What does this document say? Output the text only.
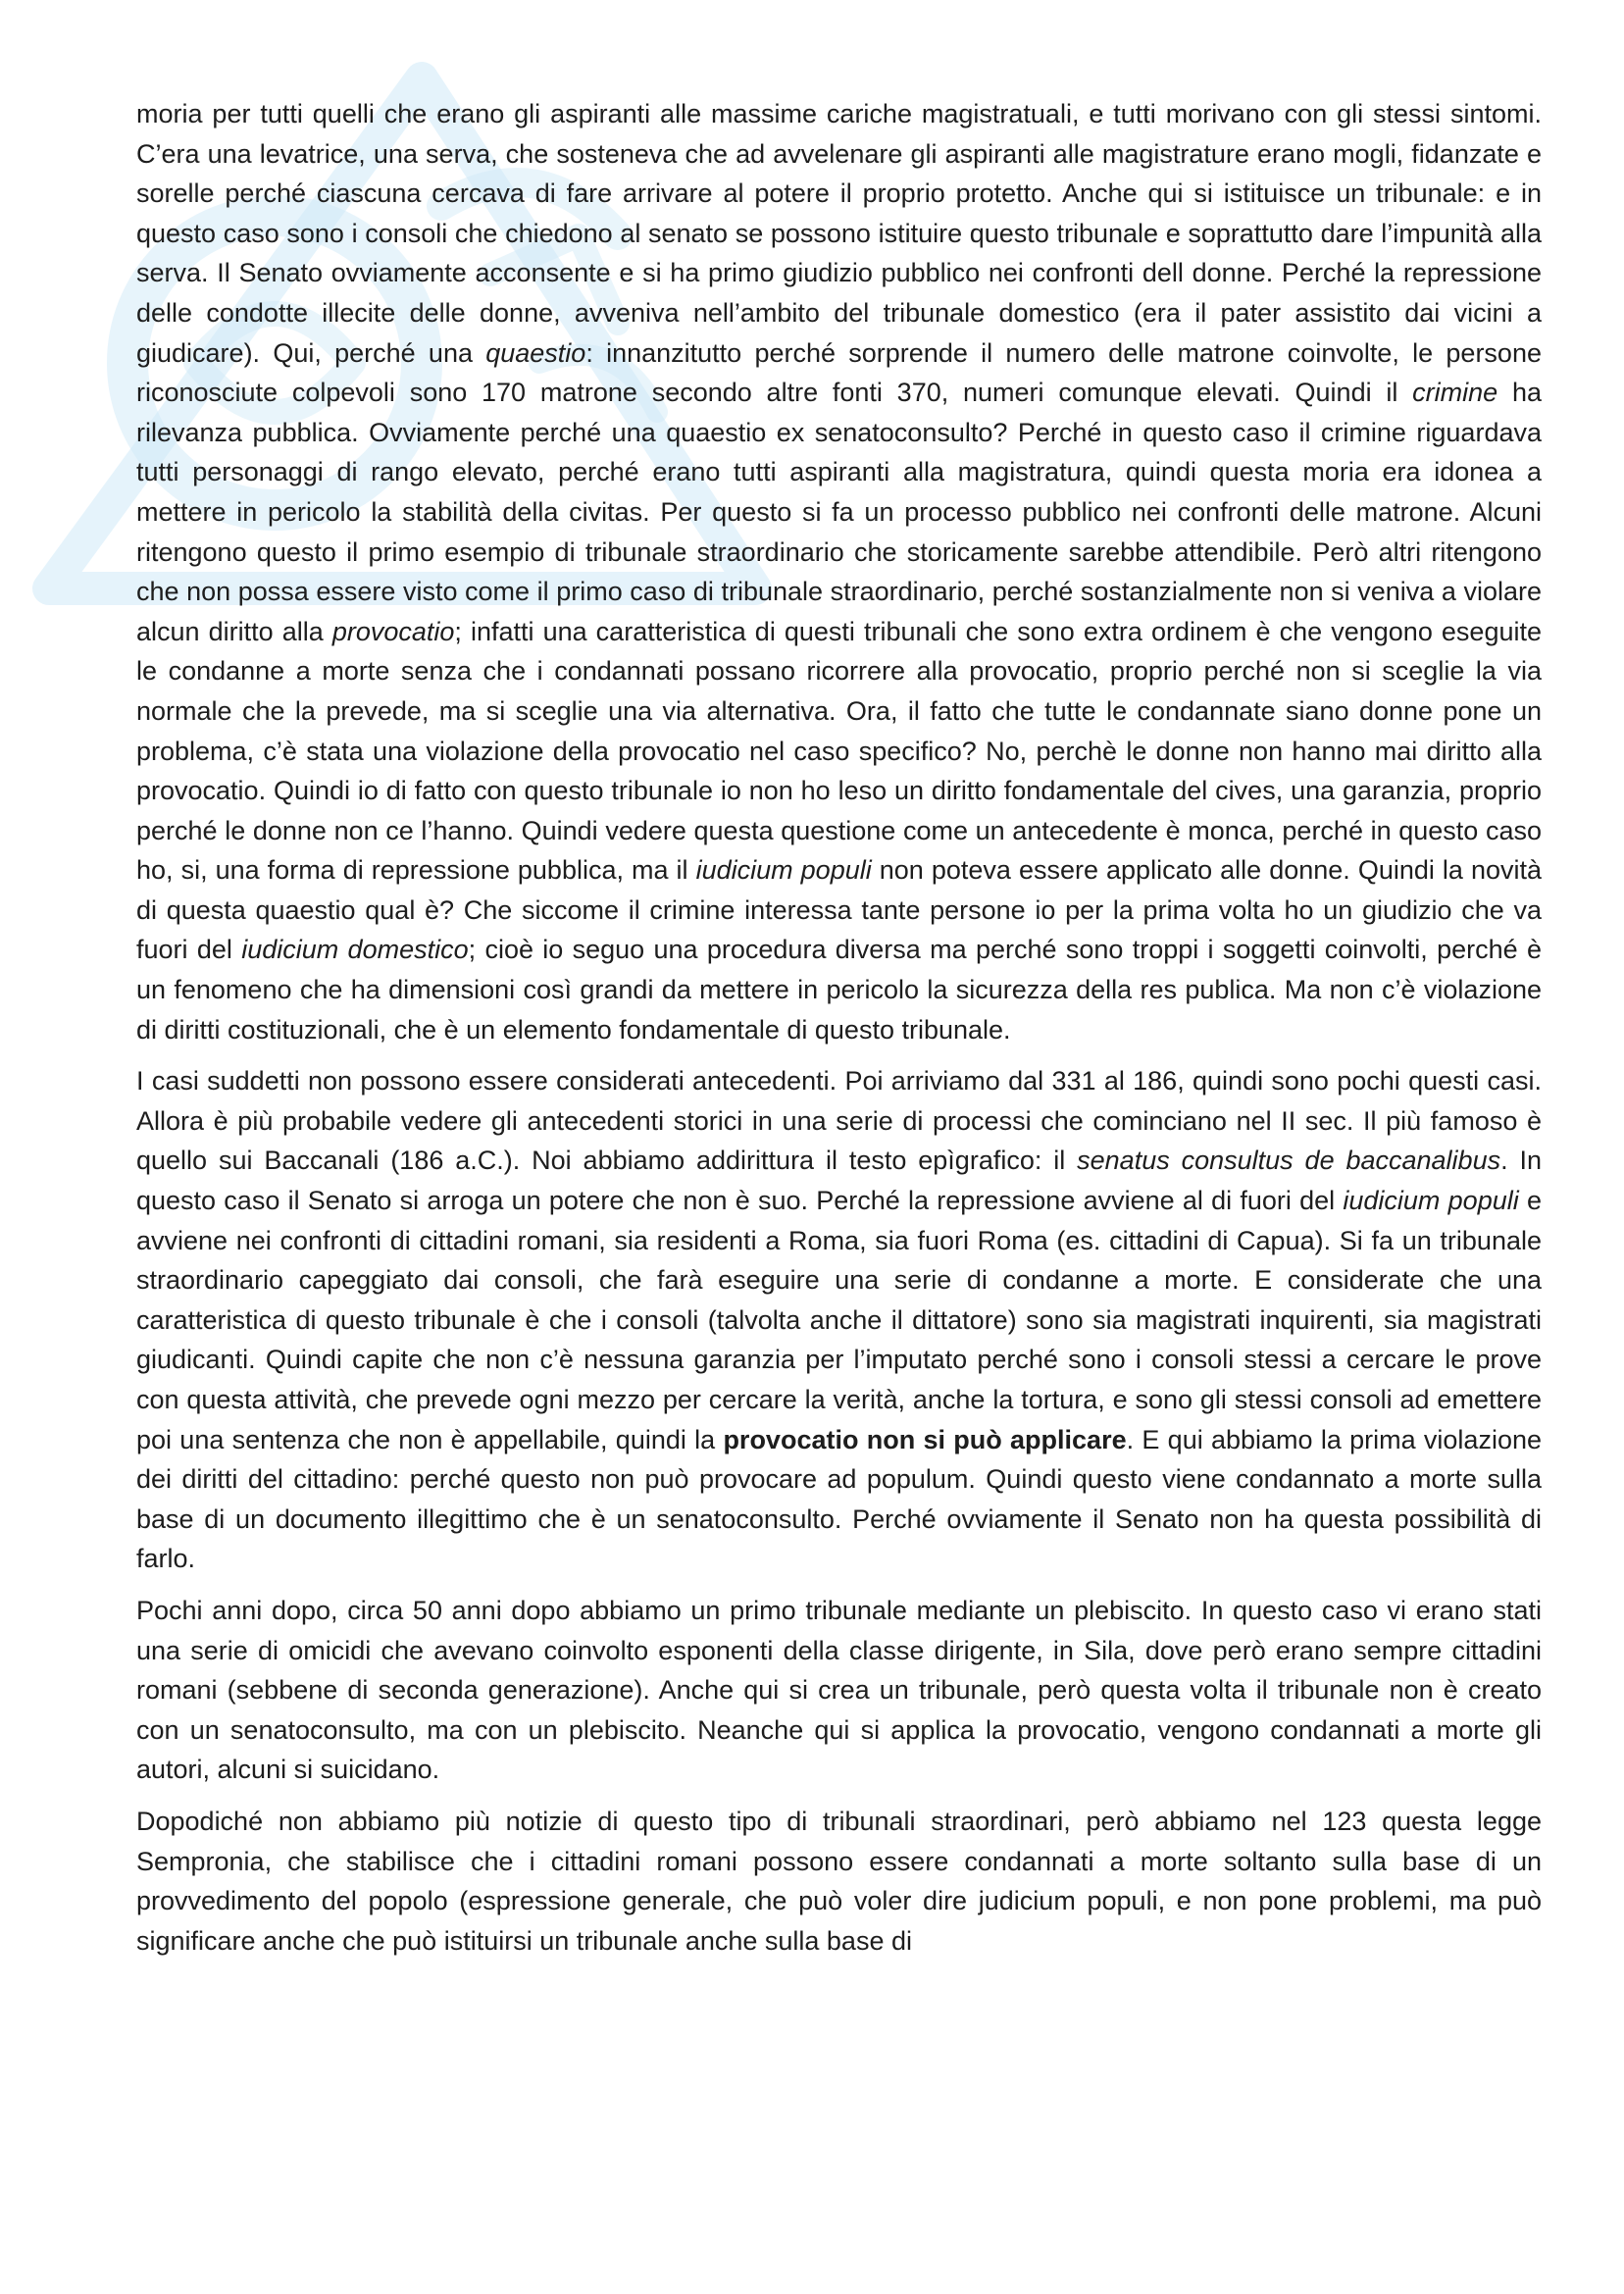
moria per tutti quelli che erano gli aspiranti alle massime cariche magistratuali, e tutti morivano con gli stessi sintomi. C’era una levatrice, una serva, che sosteneva che ad avvelenare gli aspiranti alle magistrature erano mogli, fidanzate e sorelle perché ciascuna cercava di fare arrivare al potere il proprio protetto. Anche qui si istituisce un tribunale: e in questo caso sono i consoli che chiedono al senato se possono istituire questo tribunale e soprattutto dare l’impunità alla serva. Il Senato ovviamente acconsente e si ha primo giudizio pubblico nei confronti dell donne. Perché la repressione delle condotte illecite delle donne, avveniva nell’ambito del tribunale domestico (era il pater assistito dai vicini a giudicare). Qui, perché una quaestio: innanzitutto perché sorprende il numero delle matrone coinvolte, le persone riconosciute colpevoli sono 170 matrone secondo altre fonti 370, numeri comunque elevati. Quindi il crimine ha rilevanza pubblica. Ovviamente perché una quaestio ex senatoconsulto? Perché in questo caso il crimine riguardava tutti personaggi di rango elevato, perché erano tutti aspiranti alla magistratura, quindi questa moria era idonea a mettere in pericolo la stabilità della civitas. Per questo si fa un processo pubblico nei confronti delle matrone. Alcuni ritengono questo il primo esempio di tribunale straordinario che storicamente sarebbe attendibile. Però altri ritengono che non possa essere visto come il primo caso di tribunale straordinario, perché sostanzialmente non si veniva a violare alcun diritto alla provocatio; infatti una caratteristica di questi tribunali che sono extra ordinem è che vengono eseguite le condanne a morte senza che i condannati possano ricorrere alla provocatio, proprio perché non si sceglie la via normale che la prevede, ma si sceglie una via alternativa. Ora, il fatto che tutte le condannate siano donne pone un problema, c’è stata una violazione della provocatio nel caso specifico? No, perchè le donne non hanno mai diritto alla provocatio. Quindi io di fatto con questo tribunale io non ho leso un diritto fondamentale del cives, una garanzia, proprio perché le donne non ce l’hanno. Quindi vedere questa questione come un antecedente è monca, perché in questo caso ho, si, una forma di repressione pubblica, ma il iudicium populi non poteva essere applicato alle donne. Quindi la novità di questa quaestio qual è? Che siccome il crimine interessa tante persone io per la prima volta ho un giudizio che va fuori del iudicium domestico; cioè io seguo una procedura diversa ma perché sono troppi i soggetti coinvolti, perché è un fenomeno che ha dimensioni così grandi da mettere in pericolo la sicurezza della res publica. Ma non c’è violazione di diritti costituzionali, che è un elemento fondamentale di questo tribunale.

I casi suddetti non possono essere considerati antecedenti. Poi arriviamo dal 331 al 186, quindi sono pochi questi casi. Allora è più probabile vedere gli antecedenti storici in una serie di processi che cominciano nel II sec. Il più famoso è quello sui Baccanali (186 a.C.). Noi abbiamo addirittura il testo epìgrafico: il senatus consultus de baccanalibus. In questo caso il Senato si arroga un potere che non è suo. Perché la repressione avviene al di fuori del iudicium populi e avviene nei confronti di cittadini romani, sia residenti a Roma, sia fuori Roma (es. cittadini di Capua). Si fa un tribunale straordinario capeggiato dai consoli, che farà eseguire una serie di condanne a morte. E considerate che una caratteristica di questo tribunale è che i consoli (talvolta anche il dittatore) sono sia magistrati inquirenti, sia magistrati giudicanti. Quindi capite che non c’è nessuna garanzia per l’imputato perché sono i consoli stessi a cercare le prove con questa attività, che prevede ogni mezzo per cercare la verità, anche la tortura, e sono gli stessi consoli ad emettere poi una sentenza che non è appellabile, quindi la provocatio non si può applicare. E qui abbiamo la prima violazione dei diritti del cittadino: perché questo non può provocare ad populum. Quindi questo viene condannato a morte sulla base di un documento illegittimo che è un senatoconsulto. Perché ovviamente il Senato non ha questa possibilità di farlo.

Pochi anni dopo, circa 50 anni dopo abbiamo un primo tribunale mediante un plebiscito. In questo caso vi erano stati una serie di omicidi che avevano coinvolto esponenti della classe dirigente, in Sila, dove però erano sempre cittadini romani (sebbene di seconda generazione). Anche qui si crea un tribunale, però questa volta il tribunale non è creato con un senatoconsulto, ma con un plebiscito. Neanche qui si applica la provocatio, vengono condannati a morte gli autori, alcuni si suicidano.

Dopodiché non abbiamo più notizie di questo tipo di tribunali straordinari, però abbiamo nel 123 questa legge Sempronia, che stabilisce che i cittadini romani possono essere condannati a morte soltanto sulla base di un provvedimento del popolo (espressione generale, che può voler dire judicium populi, e non pone problemi, ma può significare anche che può istituirsi un tribunale anche sulla base di
